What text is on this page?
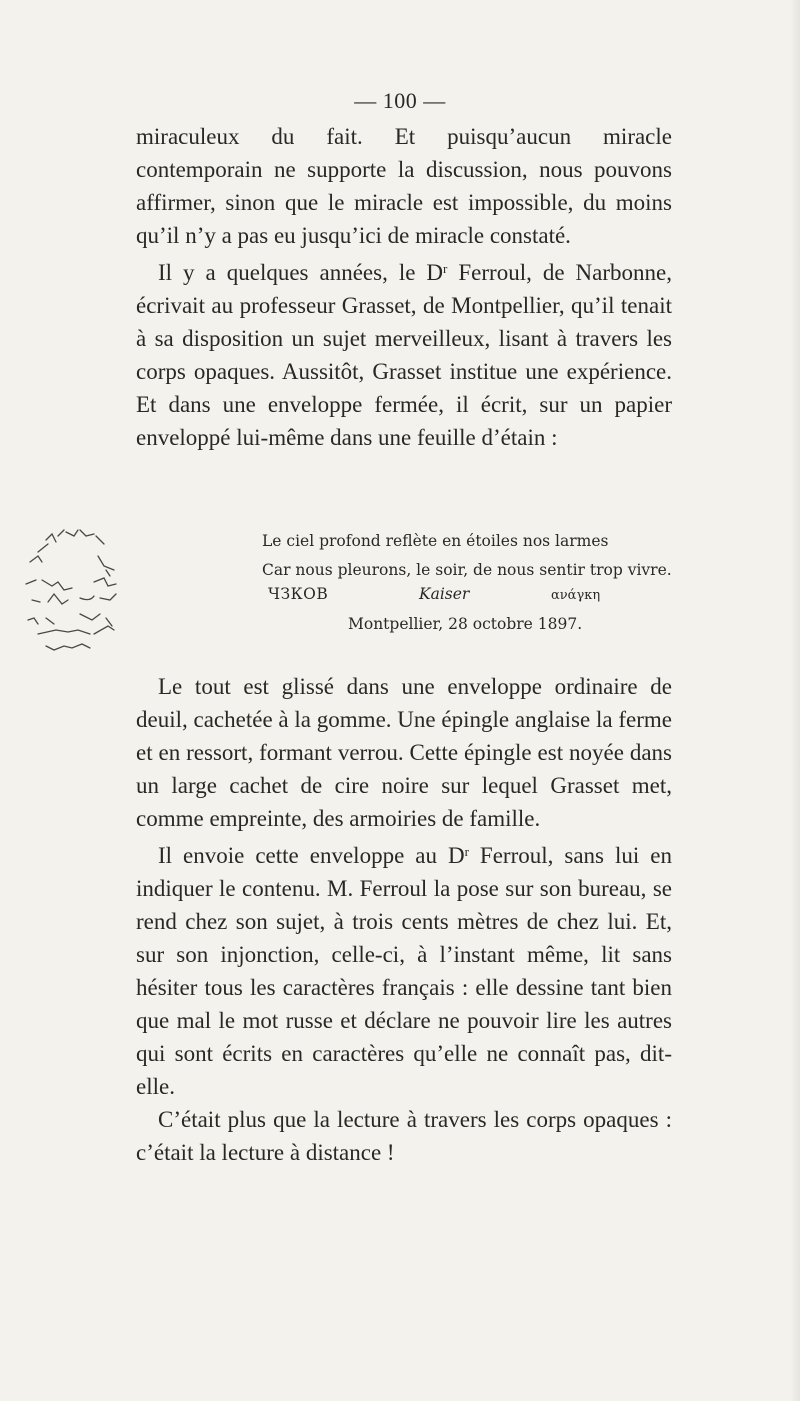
— 100 —

miraculeux du fait. Et puisqu’aucun miracle contemporain ne supporte la discussion, nous pouvons affirmer, sinon que le miracle est impossible, du moins qu’il n’y a pas eu jusqu’ici de miracle constaté.

Il y a quelques années, le $D^r$ Ferroul, de Narbonne, écrivait au professeur Grasset, de Montpellier, qu’il tenait à sa disposition un sujet merveilleux, lisant à travers les corps opaques. Aussitôt, Grasset institue une expérience. Et dans une enveloppe fermée, il écrit, sur un papier enveloppé lui-même dans une feuille d’étain :

Le ciel profond reflète en étoiles nos larmes
Car nous pleurons, le soir, de nous sentir trop vivre.
ЧЗКОВ	Kaiser	ανάγκη
Montpellier, 28 octobre 1897.

Le tout est glissé dans une enveloppe ordinaire de deuil, cachetée à la gomme. Une épingle anglaise la ferme et en ressort, formant verrou. Cette épingle est noyée dans un large cachet de cire noire sur lequel Grasset met, comme empreinte, des armoiries de famille.

Il envoie cette enveloppe au $D^r$ Ferroul, sans lui en indiquer le contenu. M. Ferroul la pose sur son bureau, se rend chez son sujet, à trois cents mètres de chez lui. Et, sur son injonction, celle-ci, à l’instant même, lit sans hésiter tous les caractères français : elle dessine tant bien que mal le mot russe et déclare ne pouvoir lire les autres qui sont écrits en caractères qu’elle ne connaît pas, dit-elle.

C’était plus que la lecture à travers les corps opaques : c’était la lecture à distance !
